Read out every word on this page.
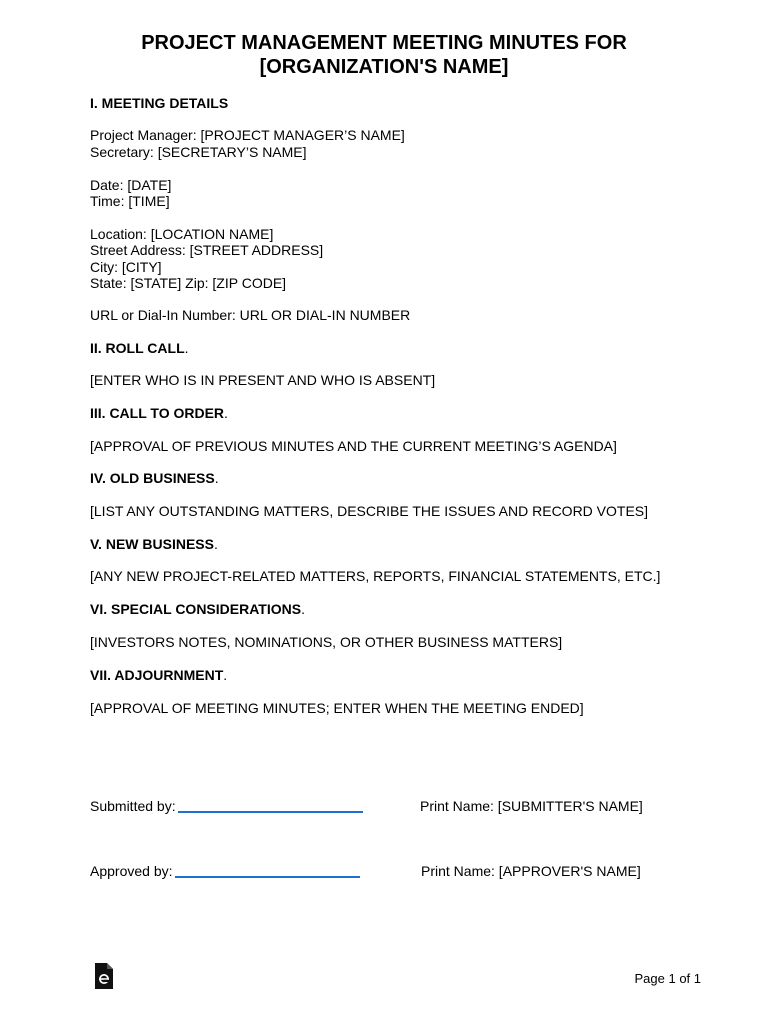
PROJECT MANAGEMENT MEETING MINUTES FOR
[ORGANIZATION'S NAME]
I. MEETING DETAILS
Project Manager: [PROJECT MANAGER’S NAME]
Secretary: [SECRETARY’S NAME]
Date: [DATE]
Time: [TIME]
Location: [LOCATION NAME]
Street Address: [STREET ADDRESS]
City: [CITY]
State: [STATE] Zip: [ZIP CODE]
URL or Dial-In Number: URL OR DIAL-IN NUMBER
II. ROLL CALL.
[ENTER WHO IS IN PRESENT AND WHO IS ABSENT]
III. CALL TO ORDER.
[APPROVAL OF PREVIOUS MINUTES AND THE CURRENT MEETING’S AGENDA]
IV. OLD BUSINESS.
[LIST ANY OUTSTANDING MATTERS, DESCRIBE THE ISSUES AND RECORD VOTES]
V. NEW BUSINESS.
[ANY NEW PROJECT-RELATED MATTERS, REPORTS, FINANCIAL STATEMENTS, ETC.]
VI. SPECIAL CONSIDERATIONS.
[INVESTORS NOTES, NOMINATIONS, OR OTHER BUSINESS MATTERS]
VII. ADJOURNMENT.
[APPROVAL OF MEETING MINUTES; ENTER WHEN THE MEETING ENDED]
Submitted by:	Print Name: [SUBMITTER'S NAME]
Approved by:	Print Name: [APPROVER'S NAME]
Page 1 of 1
